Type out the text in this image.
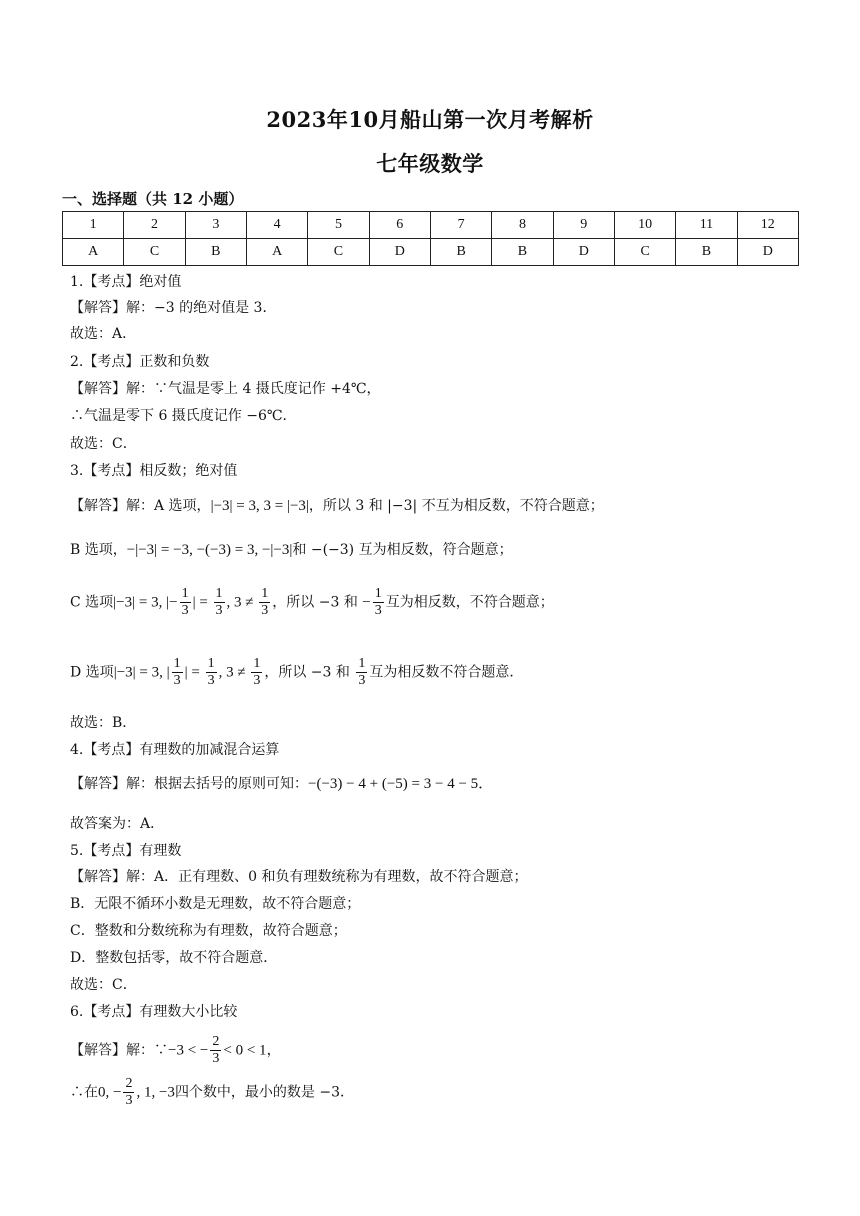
2023年10月船山第一次月考解析
七年级数学
一、选择题（共 12 小题）
1	2	3	4	5	6	7	8	9	10	11	12
A	C	B	A	C	D	B	B	D	C	B	D
1.【考点】绝对值
【解答】解：−3 的绝对值是 3．
故选：A．
2.【考点】正数和负数
【解答】解：∵气温是零上 4 摄氏度记作 +4℃，
∴气温是零下 6 摄氏度记作 −6℃．
故选：C．
3.【考点】相反数；绝对值
【解答】解：A 选项，|−3| = 3, 3 = |−3|，所以 3 和 |−3| 不互为相反数，不符合题意；
B 选项，−|−3| = −3, −(−3) = 3, −|−3|和 −(−3) 互为相反数，符合题意；
C 选项|−3| = 3, |− $\frac{1}{3}$ | = $\frac{1}{3}$ , $3 \ne \frac{1}{3}$ ，所以 −3 和 − $\frac{1}{3}$ 互为相反数，不符合题意；
D 选项|−3| = 3, | $\frac{1}{3}$ | = $\frac{1}{3}$ , $3 \ne \frac{1}{3}$ ，所以 −3 和 $\frac{1}{3}$ 互为相反数不符合题意．
故选：B．
4.【考点】有理数的加减混合运算
【解答】解：根据去括号的原则可知：−(−3) − 4 + (−5) = 3 − 4 − 5．
故答案为：A．
5.【考点】有理数
【解答】解：A．正有理数、0 和负有理数统称为有理数，故不符合题意；
B．无限不循环小数是无理数，故不符合题意；
C．整数和分数统称为有理数，故符合题意；
D．整数包括零，故不符合题意．
故选：C．
6.【考点】有理数大小比较
【解答】解：∵−3 < − $\frac{2}{3} < 0 < 1$，
∴在0, − $\frac{2}{3}$ , 1, −3四个数中，最小的数是 −3．
